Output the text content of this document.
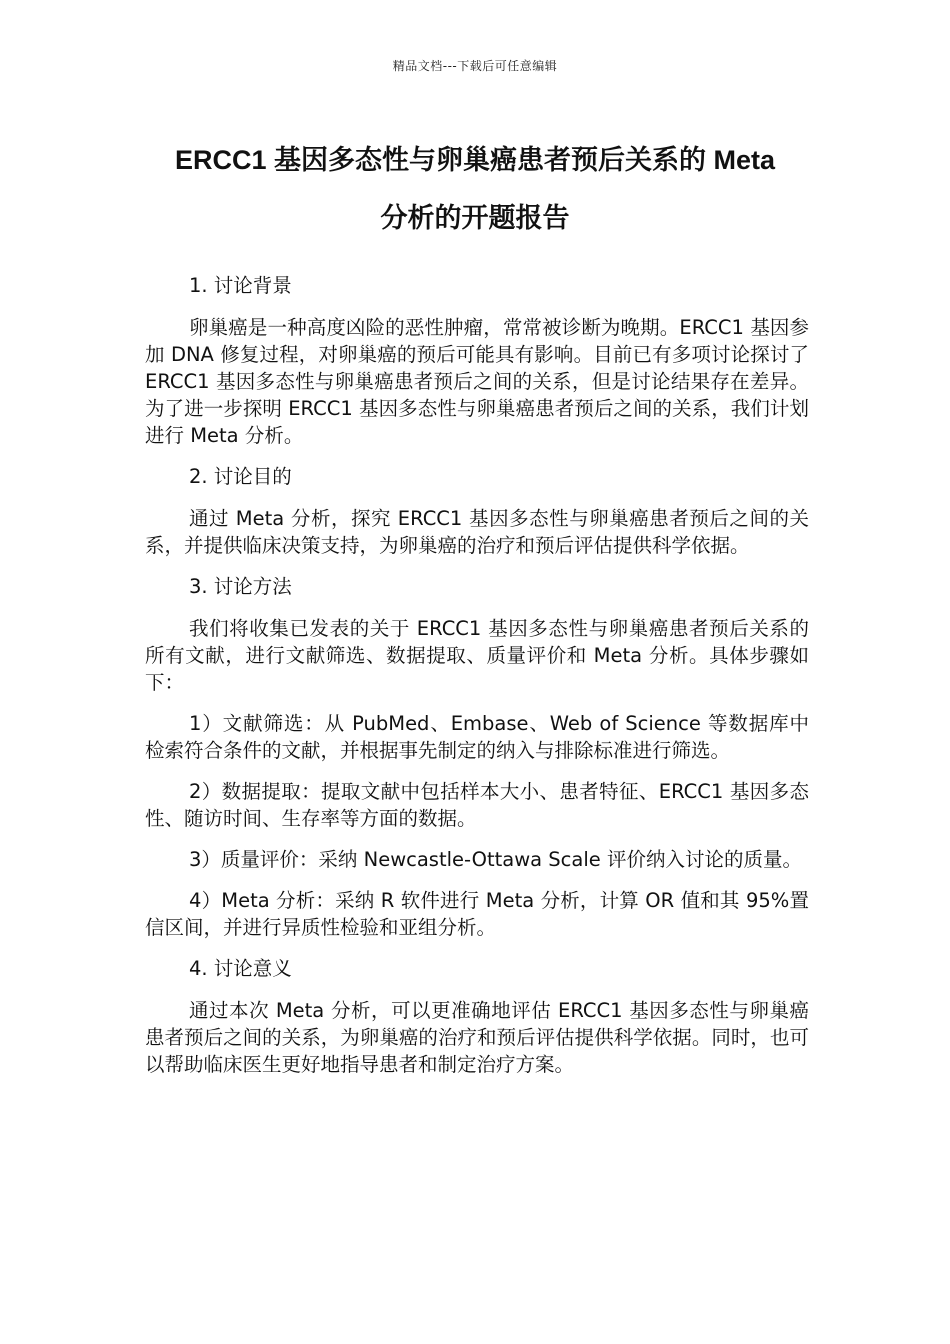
精品文档---下载后可任意编辑
ERCC1 基因多态性与卵巢癌患者预后关系的 Meta
分析的开题报告
1. 讨论背景

卵巢癌是一种高度凶险的恶性肿瘤，常常被诊断为晚期。ERCC1 基因参加 DNA 修复过程，对卵巢癌的预后可能具有影响。目前已有多项讨论探讨了 ERCC1 基因多态性与卵巢癌患者预后之间的关系，但是讨论结果存在差异。为了进一步探明 ERCC1 基因多态性与卵巢癌患者预后之间的关系，我们计划进行 Meta 分析。

2. 讨论目的

通过 Meta 分析，探究 ERCC1 基因多态性与卵巢癌患者预后之间的关系，并提供临床决策支持，为卵巢癌的治疗和预后评估提供科学依据。

3. 讨论方法

我们将收集已发表的关于 ERCC1 基因多态性与卵巢癌患者预后关系的所有文献，进行文献筛选、数据提取、质量评价和 Meta 分析。具体步骤如下：

1）文献筛选：从 PubMed、Embase、Web of Science 等数据库中检索符合条件的文献，并根据事先制定的纳入与排除标准进行筛选。

2）数据提取：提取文献中包括样本大小、患者特征、ERCC1 基因多态性、随访时间、生存率等方面的数据。

3）质量评价：采纳 Newcastle-Ottawa Scale 评价纳入讨论的质量。

4）Meta 分析：采纳 R 软件进行 Meta 分析，计算 OR 值和其 95%置信区间，并进行异质性检验和亚组分析。

4. 讨论意义

通过本次 Meta 分析，可以更准确地评估 ERCC1 基因多态性与卵巢癌患者预后之间的关系，为卵巢癌的治疗和预后评估提供科学依据。同时，也可以帮助临床医生更好地指导患者和制定治疗方案。
